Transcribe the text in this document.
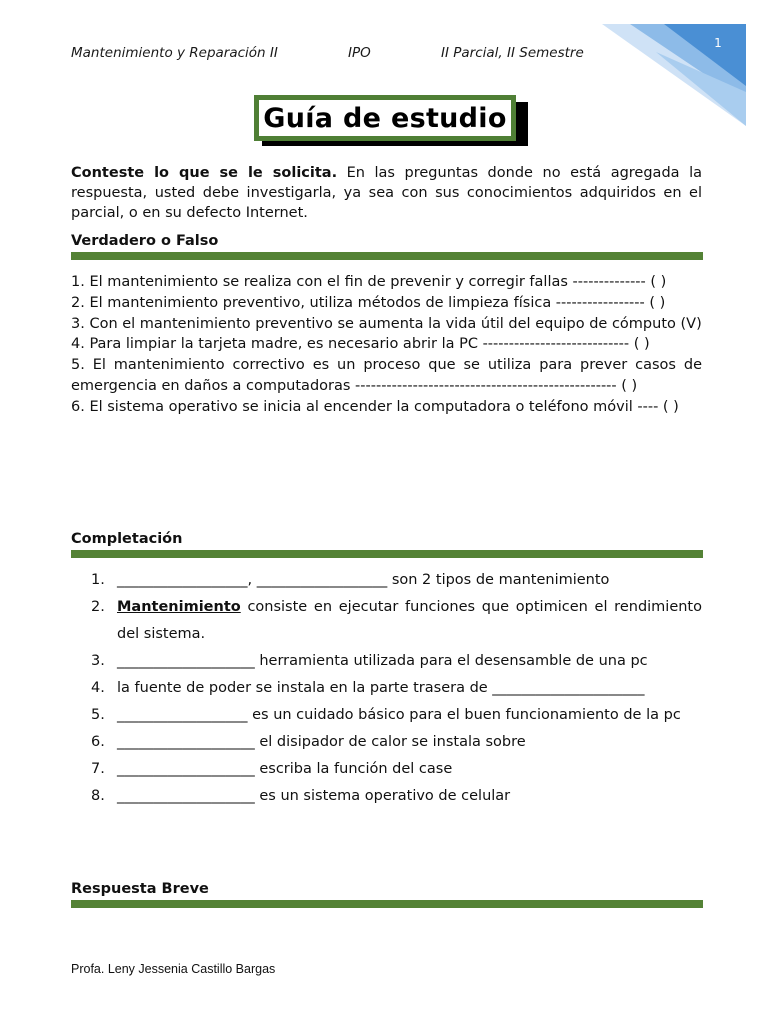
Mantenimiento y Reparación II	IPO	II Parcial, II Semestre
1
Guía de estudio
Conteste lo que se le solicita. En las preguntas donde no está agregada la respuesta, usted debe investigarla, ya sea con sus conocimientos adquiridos en el parcial, o en su defecto Internet.
Verdadero o Falso
1. El mantenimiento se realiza con el fin de prevenir y corregir fallas -------------- ( )
2. El mantenimiento preventivo, utiliza métodos de limpieza física ----------------- ( )
3. Con el mantenimiento preventivo se aumenta la vida útil del equipo de cómputo (V)
4. Para limpiar la tarjeta madre, es necesario abrir la PC ---------------------------- ( )
5. El mantenimiento correctivo es un proceso que se utiliza para prever casos de emergencia en daños a computadoras -------------------------------------------------- ( )
6. El sistema operativo se inicia al encender la computadora o teléfono móvil ---- ( )
Completación
1. __________________, __________________ son 2 tipos de mantenimiento
2. Mantenimiento consiste en ejecutar funciones que optimicen el rendimiento del sistema.
3. ___________________ herramienta utilizada para el desensamble de una pc
4. la fuente de poder se instala en la parte trasera de _____________________
5. __________________ es un cuidado básico para el buen funcionamiento de la pc
6. ___________________ el disipador de calor se instala sobre
7. ___________________ escriba la función del case
8. ___________________ es un sistema operativo de celular
Respuesta Breve
Profa. Leny Jessenia Castillo Bargas
